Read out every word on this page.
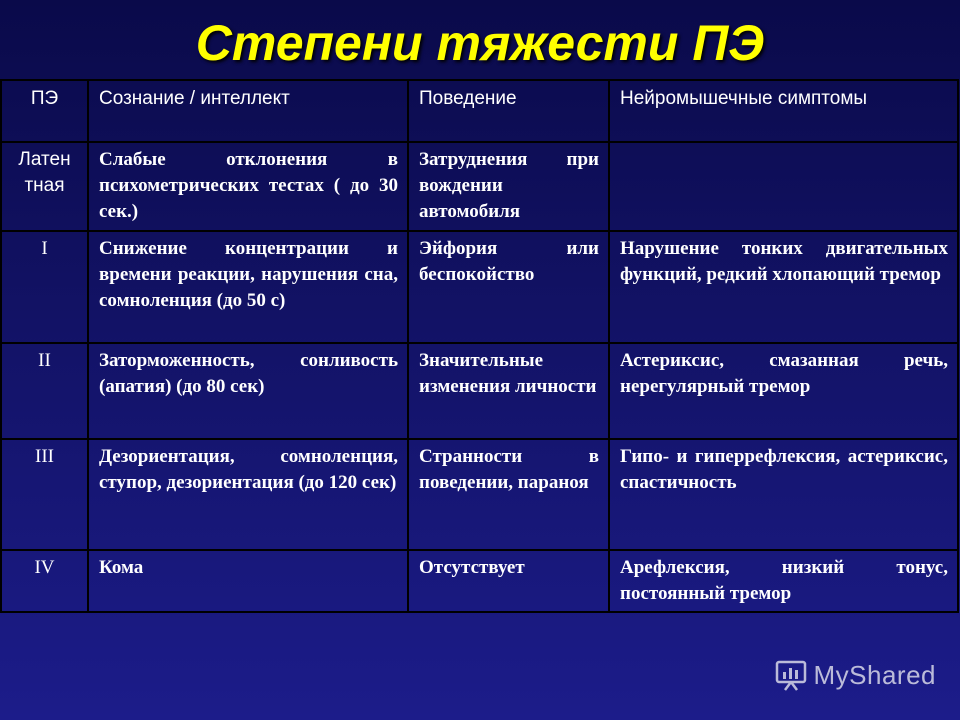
Степени тяжести ПЭ
ПЭ	Сознание / интеллект	Поведение	Нейромышечные симптомы
Латен тная	Слабые отклонения в психометрических тестах ( до 30 сек.)	Затруднения при вождении автомобиля	

I	Снижение концентрации и времени реакции, нарушения сна, сомноленция (до 50 с)	Эйфория или беспокойство	Нарушение тонких двигательных функций, редкий хлопающий тремор

II	Заторможенность, сонливость (апатия) (до 80 сек)	Значительные изменения личности	Астериксис, смазанная речь, нерегулярный тремор

III	Дезориентация, сомноленция, ступор, дезориентация (до 120 сек)	Странности в поведении, параноя	Гипо- и гиперрефлексия, астериксис, спастичность

IV	Кома	Отсутствует	Арефлексия, низкий тонус, постоянный тремор
MyShared
